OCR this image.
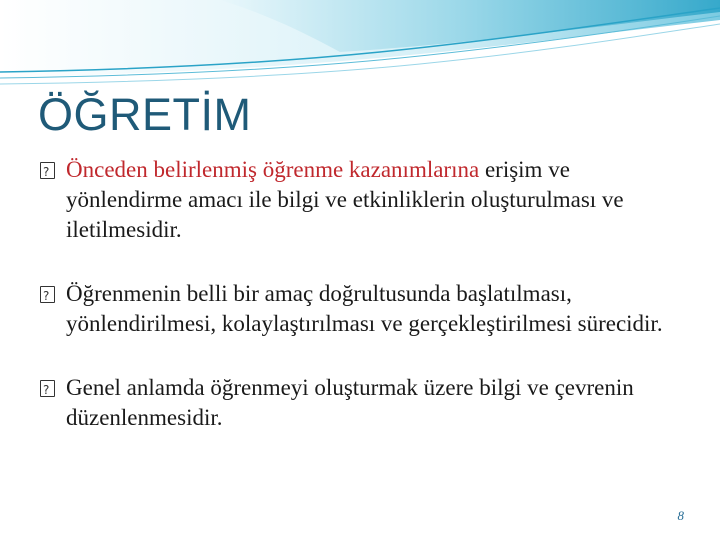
ÖĞRETİM
?
Önceden belirlenmiş öğrenme kazanımlarına erişim ve yönlendirme amacı ile bilgi ve etkinliklerin oluşturulması ve iletilmesidir.
?
Öğrenmenin belli bir amaç doğrultusunda başlatılması, yönlendirilmesi, kolaylaştırılması ve gerçekleştirilmesi sürecidir.
?
Genel anlamda öğrenmeyi oluşturmak üzere bilgi ve çevrenin düzenlenmesidir.
8
